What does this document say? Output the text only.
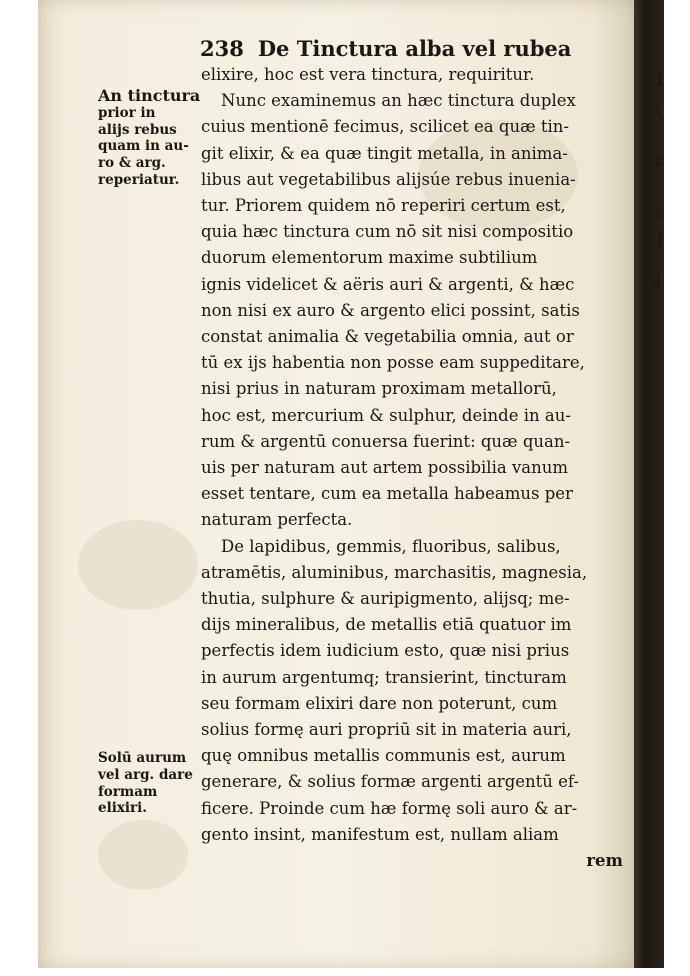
1
\
c
c
{
J
238 De Tinctura alba vel rubea
An tinctura
prior in
alijs rebus
quam in au-
ro & arg.
reperiatur.
Solū aurum
vel arg. dare
formam
elixiri.
elixire, hoc est vera tinctura, requiritur.
Nunc examinemus an hæc tinctura duplex
cuius mentionē fecimus, scilicet ea quæ tin-
git elixir, & ea quæ tingit metalla, in anima-
libus aut vegetabilibus alijsúe rebus inuenia-
tur. Priorem quidem nō reperiri certum est,
quia hæc tinctura cum nō sit nisi compositio
duorum elementorum maxime subtilium
ignis videlicet & aëris auri & argenti, & hæc
non nisi ex auro & argento elici possint, satis
constat animalia & vegetabilia omnia, aut or
tū ex ijs habentia non posse eam suppeditare,
nisi prius in naturam proximam metallorū,
hoc est, mercurium & sulphur, deinde in au-
rum & argentū conuersa fuerint: quæ quan-
uis per naturam aut artem possibilia vanum
esset tentare, cum ea metalla habeamus per
naturam perfecta.
De lapidibus, gemmis, fluoribus, salibus,
atramētis, aluminibus, marchasitis, magnesia,
thutia, sulphure & auripigmento, alijsq; me-
dijs mineralibus, de metallis etiā quatuor im
perfectis idem iudicium esto, quæ nisi prius
in aurum argentumq; transierint, tincturam
seu formam elixiri dare non poterunt, cum
solius formę auri propriū sit in materia auri,
quę omnibus metallis communis est, aurum
generare, & solius formæ argenti argentū ef-
ficere. Proinde cum hæ formę soli auro & ar-
gento insint, manifestum est, nullam aliam
rem
